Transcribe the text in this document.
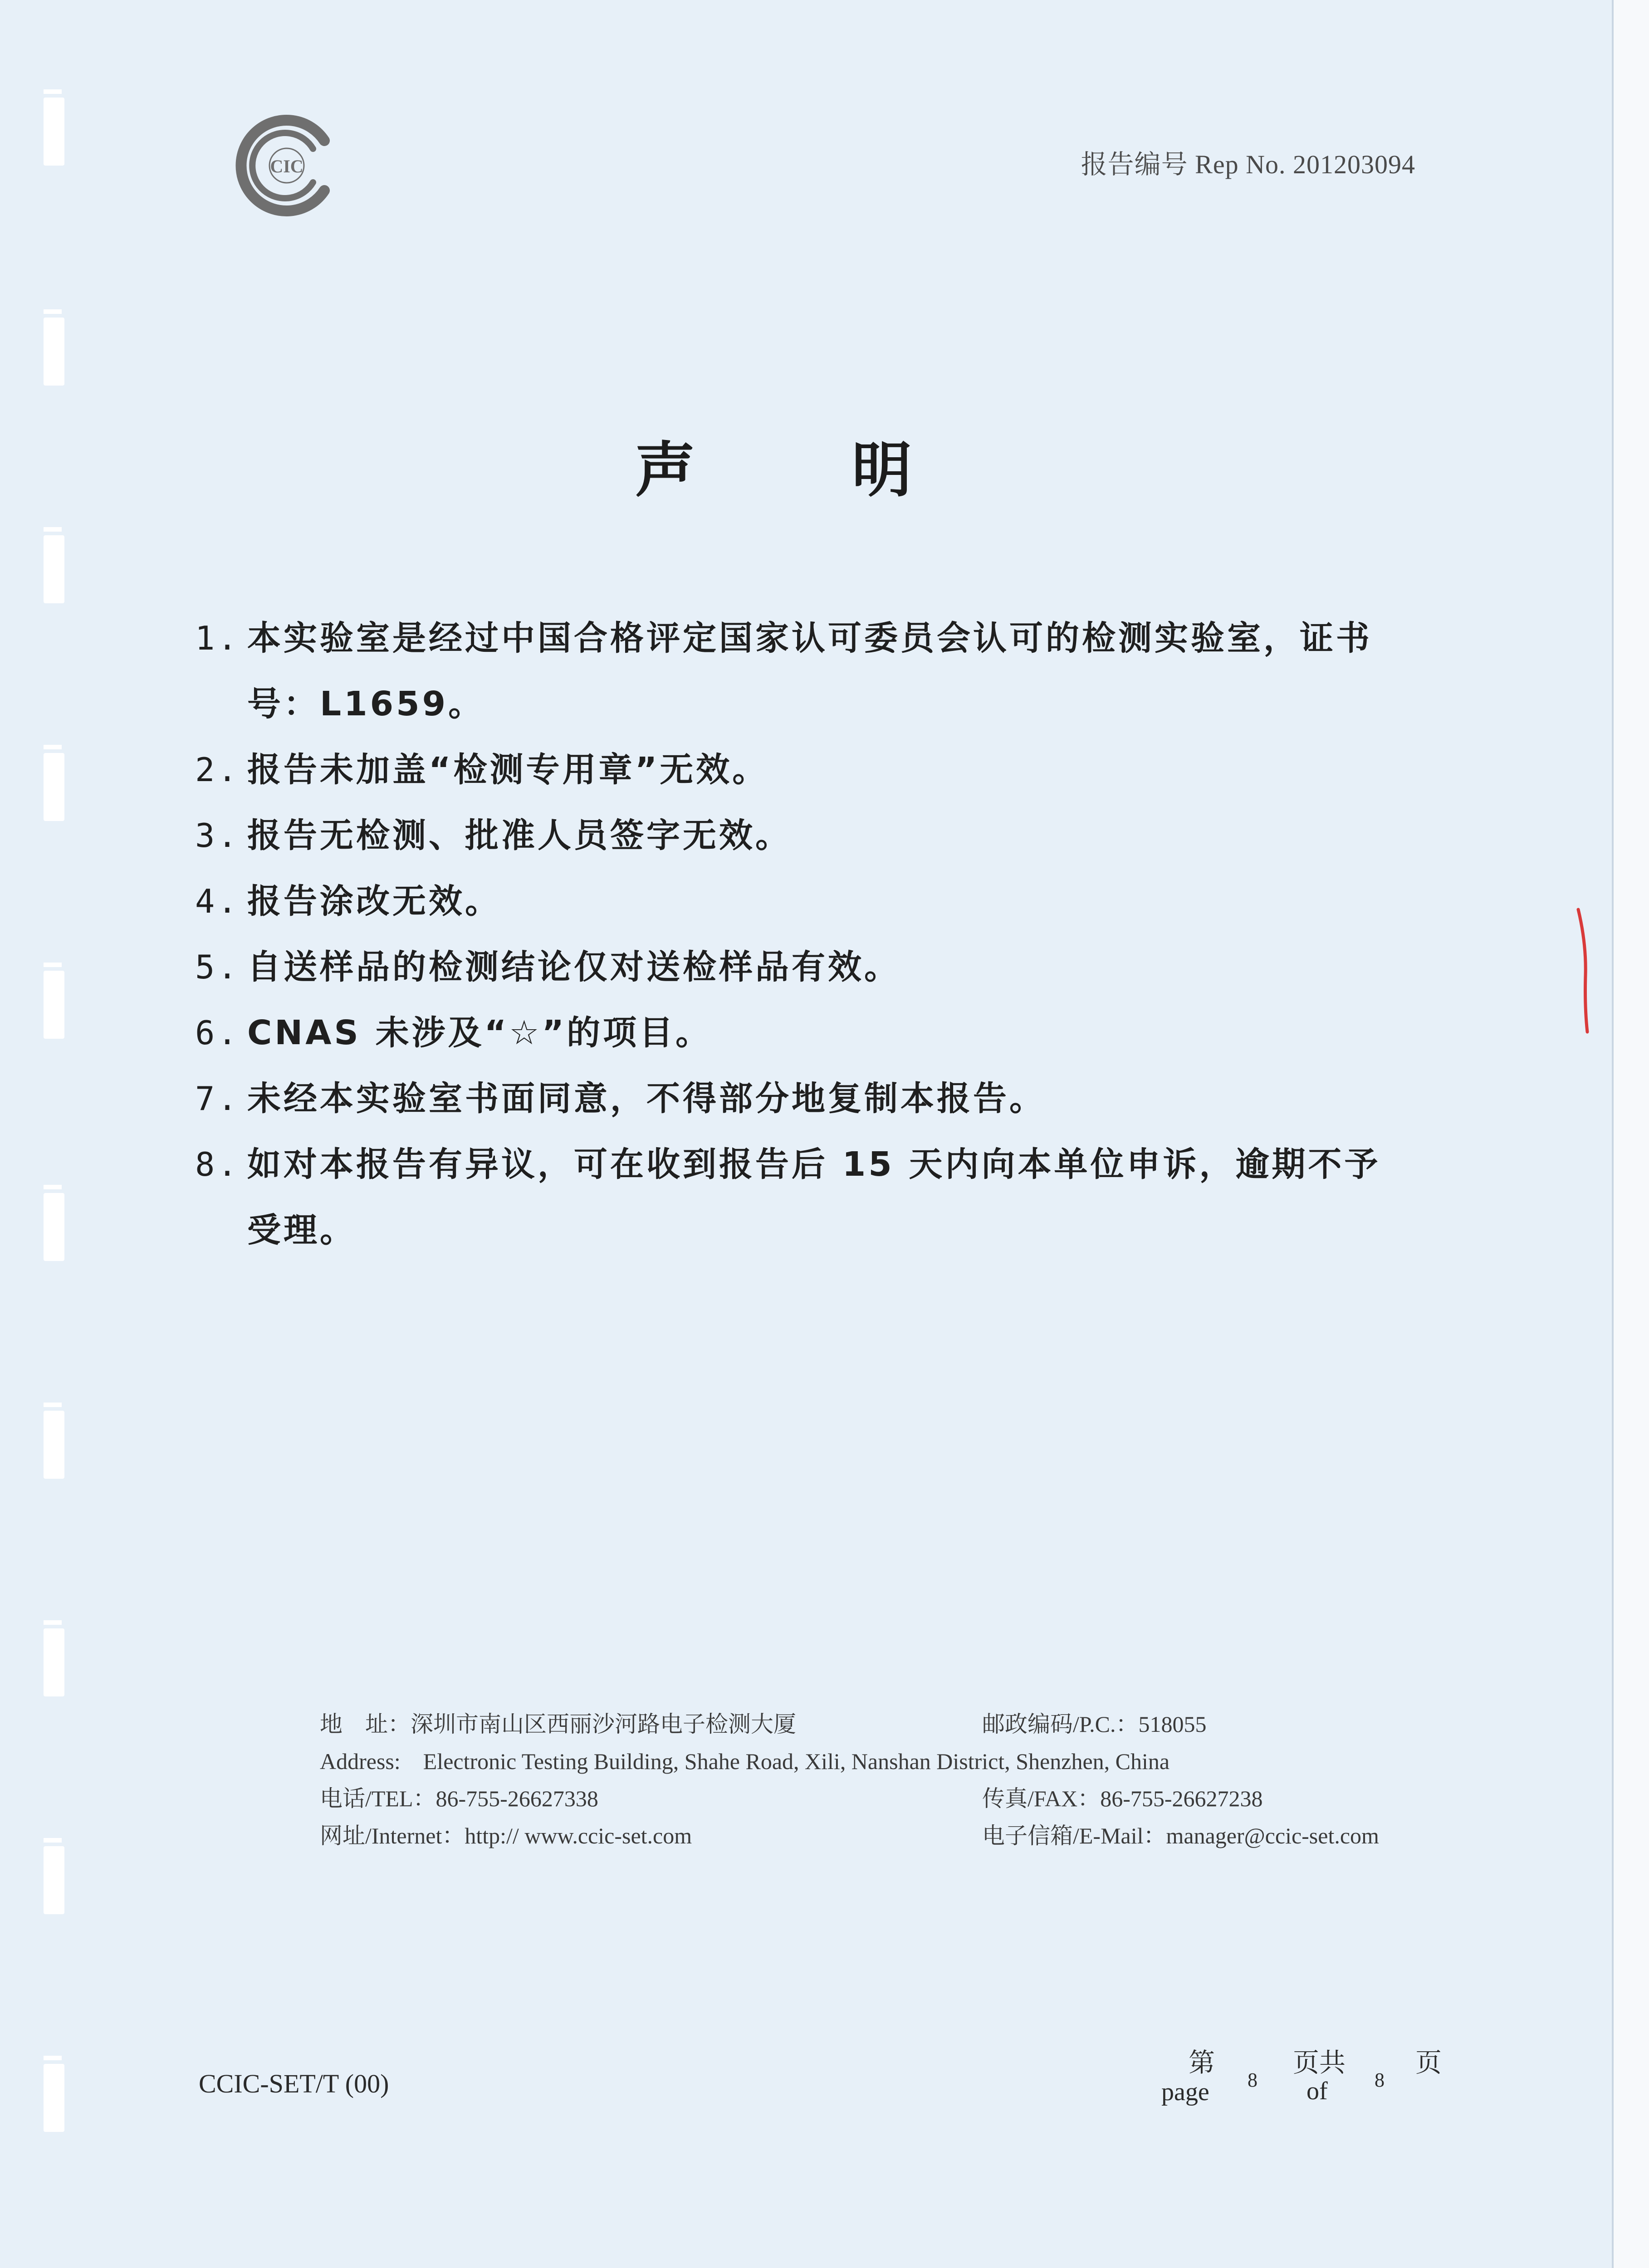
CIC	报告编号 Rep No. 201203094
声 明
1. 本实验室是经过中国合格评定国家认可委员会认可的检测实验室，证书号：L1659。
2. 报告未加盖“检测专用章”无效。
3. 报告无检测、批准人员签字无效。
4. 报告涂改无效。
5. 自送样品的检测结论仅对送检样品有效。
6. CNAS 未涉及“☆”的项目。
7. 未经本实验室书面同意，不得部分地复制本报告。
8. 如对本报告有异议，可在收到报告后 15 天内向本单位申诉，逾期不予受理。
地　址：深圳市南山区西丽沙河路电子检测大厦	邮政编码/P.C.：518055
Address:　Electronic Testing Building, Shahe Road, Xili, Nanshan District, Shenzhen, China
电话/TEL：86-755-26627338	传真/FAX：86-755-26627238
网址/Internet：http:// www.ccic-set.com	电子信箱/E-Mail：manager@ccic-set.com
CCIC-SET/T (00)
第
page 8
页共
of 8
页
